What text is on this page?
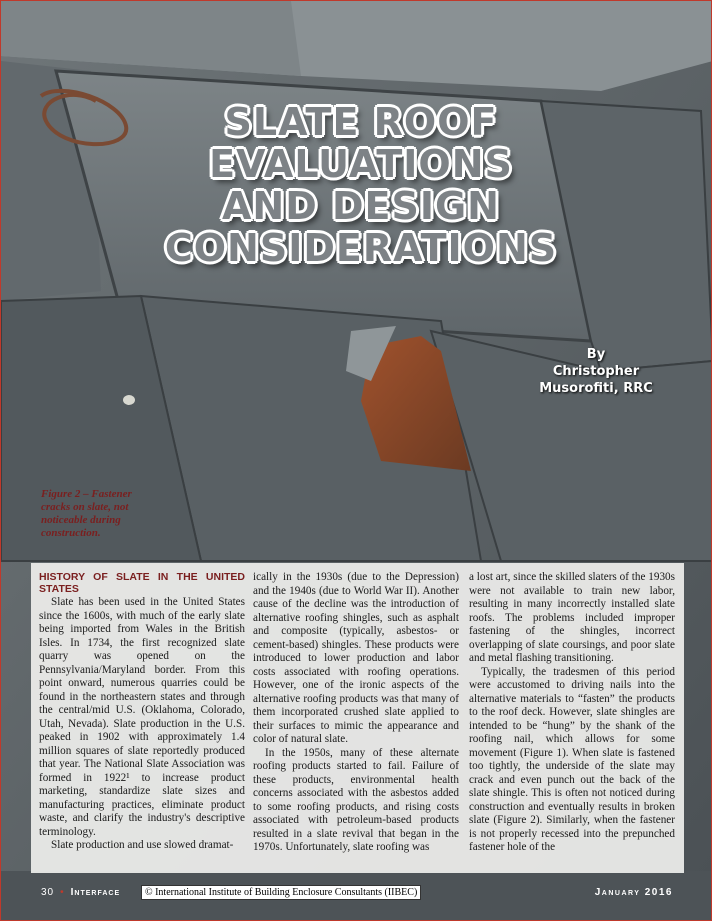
SLATE ROOF
EVALUATIONS
AND DESIGN
CONSIDERATIONS
By
Christopher
Musorofiti, RRC
Figure 2 – Fastener cracks on slate, not noticeable during construction.
HISTORY OF SLATE IN THE UNITED STATES

Slate has been used in the United States since the 1600s, with much of the early slate being imported from Wales in the British Isles. In 1734, the first recognized slate quarry was opened on the Pennsylvania/Maryland border. From this point onward, numerous quarries could be found in the northeastern states and through the central/mid U.S. (Oklahoma, Colorado, Utah, Nevada). Slate production in the U.S. peaked in 1902 with approximately 1.4 million squares of slate reportedly produced that year. The National Slate Association was formed in 1922¹ to increase product marketing, standardize slate sizes and manufacturing practices, eliminate product waste, and clarify the industry's descriptive terminology.

Slate production and use slowed dramat-

ically in the 1930s (due to the Depression) and the 1940s (due to World War II). Another cause of the decline was the introduction of alternative roofing shingles, such as asphalt and composite (typically, asbestos- or cement-based) shingles. These products were introduced to lower production and labor costs associated with roofing operations. However, one of the ironic aspects of the alternative roofing products was that many of them incorporated crushed slate applied to their surfaces to mimic the appearance and color of natural slate.

In the 1950s, many of these alternate roofing products started to fail. Failure of these products, environmental health concerns associated with the asbestos added to some roofing products, and rising costs associated with petroleum-based products resulted in a slate revival that began in the 1970s. Unfortunately, slate roofing was

a lost art, since the skilled slaters of the 1930s were not available to train new labor, resulting in many incorrectly installed slate roofs. The problems included improper fastening of the shingles, incorrect overlapping of slate coursings, and poor slate and metal flashing transitioning.

Typically, the tradesmen of this period were accustomed to driving nails into the alternative materials to “fasten” the products to the roof deck. However, slate shingles are intended to be “hung” by the shank of the roofing nail, which allows for some movement (Figure 1). When slate is fastened too tightly, the underside of the slate may crack and even punch out the back of the slate shingle. This is often not noticed during construction and eventually results in broken slate (Figure 2). Similarly, when the fastener is not properly recessed into the prepunched fastener hole of the

30 • Interface	© International Institute of Building Enclosure Consultants (IIBEC)	January 2016
